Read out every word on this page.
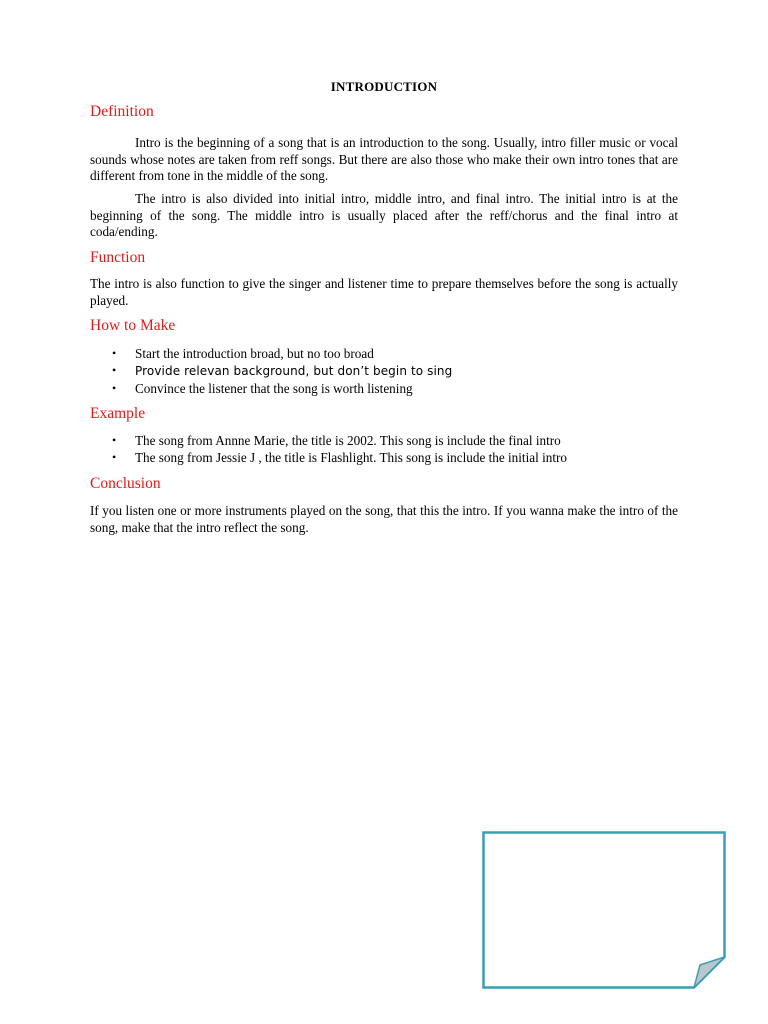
INTRODUCTION
Definition

Intro is the beginning of a song that is an introduction to the song. Usually, intro filler music or vocal sounds whose notes are taken from reff songs. But there are also those who make their own intro tones that are different from tone in the middle of the song.

The intro is also divided into initial intro, middle intro, and final intro. The initial intro is at the beginning of the song. The middle intro is usually placed after the reff/chorus and the final intro at coda/ending.

Function

The intro is also function to give the singer and listener time to prepare themselves before the song is actually played.

How to Make
• Start the introduction broad, but no too broad
• Provide relevan background, but don’t begin to sing
• Convince the listener that the song is worth listening
Example
• The song from Annne Marie, the title is 2002. This song is include the final intro
• The song from Jessie J , the title is Flashlight. This song is include the initial intro
Conclusion

If you listen one or more instruments played on the song, that this the intro. If you wanna make the intro of the song, make that the intro reflect the song.
